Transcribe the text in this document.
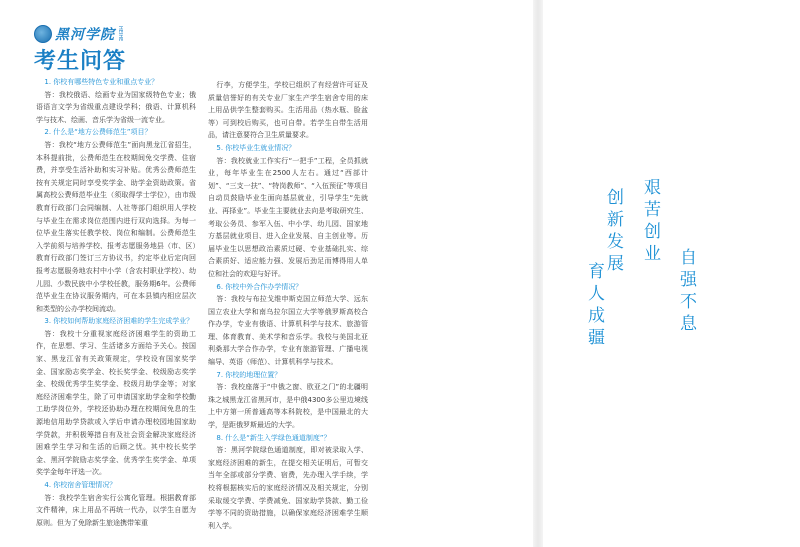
黑河学院 HEIHE
考生问答

1. 你校有哪些特色专业和重点专业？

答：我校俄语、绘画专业为国家级特色专业；俄语语言文学为省级重点建设学科；俄语、计算机科学与技术、绘画、音乐学为省级一流专业。

2. 什么是“地方公费师范生”项目？

答：我校“地方公费师范生”面向黑龙江省招生，本科提前批，公费师范生在校期间免交学费、住宿费，并享受生活补助和实习补贴。优秀公费师范生按有关规定同时享受奖学金、助学金资助政策。省属高校公费师范毕业生（须取得学士学位），由市级教育行政部门会同编制、人社等部门组织用人学校与毕业生在需求岗位范围内进行双向选择。为每一位毕业生落实任教学校、岗位和编制。公费师范生入学前须与培养学校、报考志愿服务地县（市、区）教育行政部门签订三方协议书，约定毕业后定向回报考志愿服务地农村中小学（含农村职业学校）、幼儿园、少数民族中小学校任教，服务期6年。公费师范毕业生在协议服务期内，可在本县镇内相应层次和类型的公办学校间流动。

3. 你校如何帮助家庭经济困难的学生完成学业？

答：我校十分重视家庭经济困难学生的资助工作，在思想、学习、生活诸多方面给予关心。按国家、黑龙江省有关政策规定，学校设有国家奖学金、国家励志奖学金、校长奖学金、校级励志奖学金、校级优秀学生奖学金、校级月助学金等；对家庭经济困难学生，除了可申请国家助学金和学校勤工助学岗位外，学校还协助办理在校期间免息的生源地信用助学贷款或入学后申请办理校园地国家助学贷款，并积极筹措自有及社会资金解决家庭经济困难学生学习和生活的后顾之忧。其中校长奖学金、黑河学院励志奖学金、优秀学生奖学金、单项奖学金每年评选一次。

4. 你校宿舍管理情况？

答：我校学生宿舍实行公寓化管理。根据教育部文件精神，床上用品不再统一代办，以学生自愿为原则。但为了免除新生旅途携带笨重

行李，方便学生，学校已组织了有经营许可证及质量信誉好的有关专业厂家生产学生宿舍专用的床上用品供学生整套购买。生活用品（热水瓶、脸盆等）可到校后购买，也可自带。若学生自带生活用品，请注意要符合卫生质量要求。

5. 你校毕业生就业情况？

答：我校就业工作实行“一把手”工程，全员抓就业，每年毕业生在2500人左右。通过“西部计划”、“三支一扶”、“特岗教师”、“入伍预征”等项目自动员鼓励毕业生面向基层就业，引导学生“先就业、再择业”。毕业生主要就业去向是考取研究生、考取公务员、参军入伍、中小学、幼儿园、国家地方基层就业项目、进入企业发展、自主创业等。历届毕业生以思想政治素质过硬、专业基础扎实、综合素质好、适应能力强、发展后劲足而博得用人单位和社会的欢迎与好评。

6. 你校中外合作办学情况？

答：我校与布拉戈维申斯克国立师范大学、远东国立农业大学和南乌拉尔国立大学等俄罗斯高校合作办学，专业有俄语、计算机科学与技术、旅游管理、体育教育、美术学和音乐学。我校与美国北亚利桑那大学合作办学，专业有旅游管理、广播电视编导、英语（师范）、计算机科学与技术。

7. 你校的地理位置？

答：我校座落于“中俄之窗、欧亚之门”的北疆明珠之城黑龙江省黑河市，是中俄4300多公里边境线上中方第一所普通高等本科院校，是中国最北的大学，是距俄罗斯最近的大学。

8. 什么是“新生入学绿色通道制度”？

答：黑河学院绿色通道制度，即对被录取入学、家庭经济困难的新生，在提交相关证明后，可暂交当年全部或部分学费、宿费，先办理入学手续，学校将根据核实后的家庭经济情况及相关规定，分别采取缓交学费、学费减免、国家助学贷款、勤工俭学等不同的资助措施，以确保家庭经济困难学生顺利入学。

艰苦创业
自强不息
创新发展
育人成疆
